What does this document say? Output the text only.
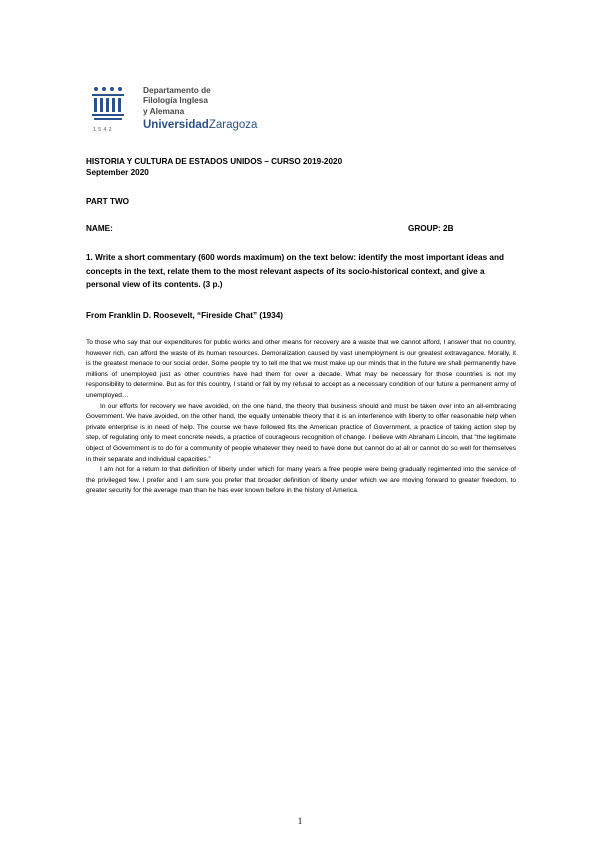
1542
Departamento de
Filología Inglesa
y Alemana
UniversidadZaragoza
HISTORIA Y CULTURA DE ESTADOS UNIDOS – CURSO 2019-2020
September 2020
PART TWO
NAME:	GROUP: 2B

1. Write a short commentary (600 words maximum) on the text below: identify the most important ideas and concepts in the text, relate them to the most relevant aspects of its socio-historical context, and give a personal view of its contents. (3 p.)

From Franklin D. Roosevelt, “Fireside Chat” (1934)

To those who say that our expenditures for public works and other means for recovery are a waste that we cannot afford, I answer that no country, however rich, can afford the waste of its human resources. Demoralization caused by vast unemployment is our greatest extravagance. Morally, it is the greatest menace to our social order. Some people try to tell me that we must make up our minds that in the future we shall permanently have millions of unemployed just as other countries have had them for over a decade. What may be necessary for those countries is not my responsibility to determine. But as for this country, I stand or fall by my refusal to accept as a necessary condition of our future a permanent army of unemployed…

In our efforts for recovery we have avoided, on the one hand, the theory that business should and must be taken over into an all-embracing Government. We have avoided, on the other hand, the equally untenable theory that it is an interference with liberty to offer reasonable help when private enterprise is in need of help. The course we have followed fits the American practice of Government, a practice of taking action step by step, of regulating only to meet concrete needs, a practice of courageous recognition of change. I believe with Abraham Lincoln, that “the legitimate object of Government is to do for a community of people whatever they need to have done but cannot do at all or cannot do so well for themselves in their separate and individual capacities.”

I am not for a return to that definition of liberty under which for many years a free people were being gradually regimented into the service of the privileged few. I prefer and I am sure you prefer that broader definition of liberty under which we are moving forward to greater freedom, to greater security for the average man than he has ever known before in the history of America.

1
